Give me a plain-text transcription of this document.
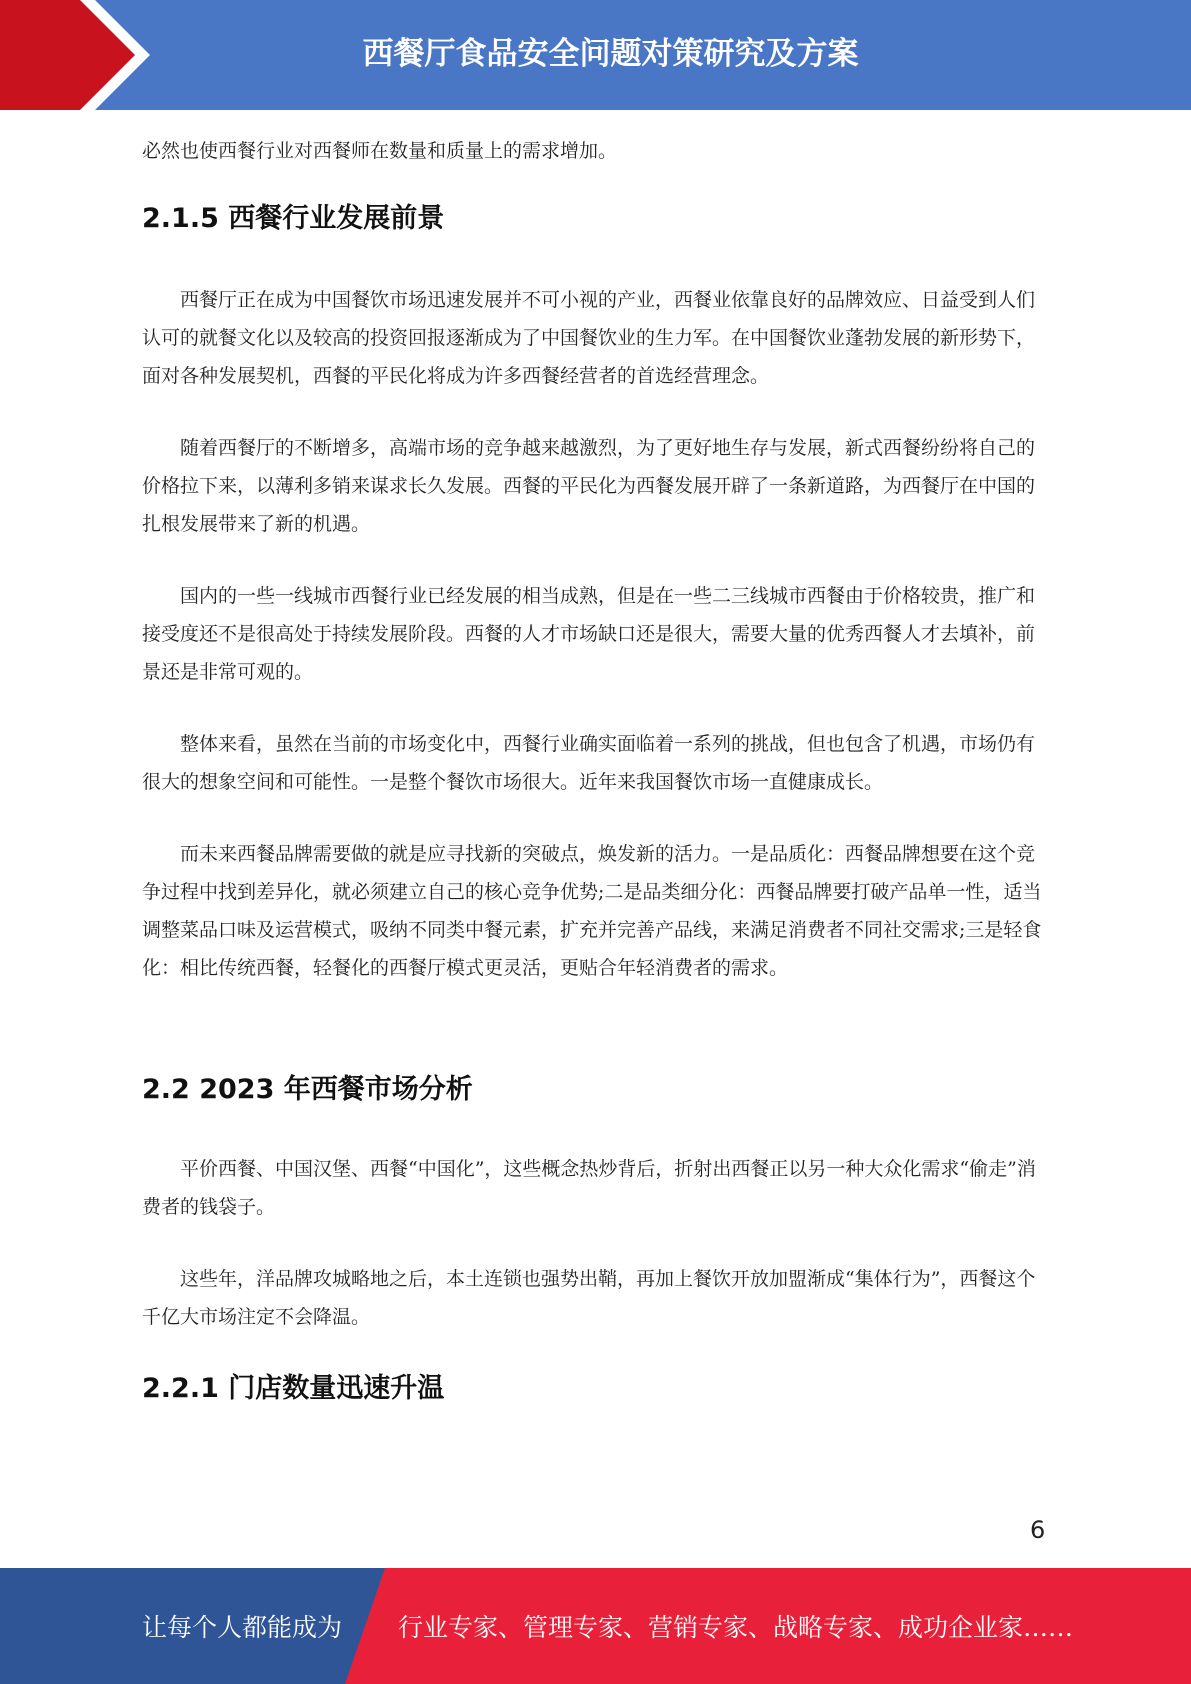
西餐厅食品安全问题对策研究及方案

必然也使西餐行业对西餐师在数量和质量上的需求增加。

2.1.5 西餐行业发展前景

西餐厅正在成为中国餐饮市场迅速发展并不可小视的产业，西餐业依靠良好的品牌效应、日益受到人们认可的就餐文化以及较高的投资回报逐渐成为了中国餐饮业的生力军。在中国餐饮业蓬勃发展的新形势下，面对各种发展契机，西餐的平民化将成为许多西餐经营者的首选经营理念。

随着西餐厅的不断增多，高端市场的竞争越来越激烈，为了更好地生存与发展，新式西餐纷纷将自己的价格拉下来，以薄利多销来谋求长久发展。西餐的平民化为西餐发展开辟了一条新道路，为西餐厅在中国的扎根发展带来了新的机遇。

国内的一些一线城市西餐行业已经发展的相当成熟，但是在一些二三线城市西餐由于价格较贵，推广和接受度还不是很高处于持续发展阶段。西餐的人才市场缺口还是很大，需要大量的优秀西餐人才去填补，前景还是非常可观的。

整体来看，虽然在当前的市场变化中，西餐行业确实面临着一系列的挑战，但也包含了机遇，市场仍有很大的想象空间和可能性。一是整个餐饮市场很大。近年来我国餐饮市场一直健康成长。

而未来西餐品牌需要做的就是应寻找新的突破点，焕发新的活力。一是品质化：西餐品牌想要在这个竞争过程中找到差异化，就必须建立自己的核心竞争优势;二是品类细分化：西餐品牌要打破产品单一性，适当调整菜品口味及运营模式，吸纳不同类中餐元素，扩充并完善产品线，来满足消费者不同社交需求;三是轻食化：相比传统西餐，轻餐化的西餐厅模式更灵活，更贴合年轻消费者的需求。

2.2 2023 年西餐市场分析

平价西餐、中国汉堡、西餐“中国化”，这些概念热炒背后，折射出西餐正以另一种大众化需求“偷走”消费者的钱袋子。

这些年，洋品牌攻城略地之后，本土连锁也强势出鞘，再加上餐饮开放加盟渐成“集体行为”，西餐这个千亿大市场注定不会降温。

2.2.1 门店数量迅速升温
6
让每个人都能成为 行业专家、管理专家、营销专家、战略专家、成功企业家……
